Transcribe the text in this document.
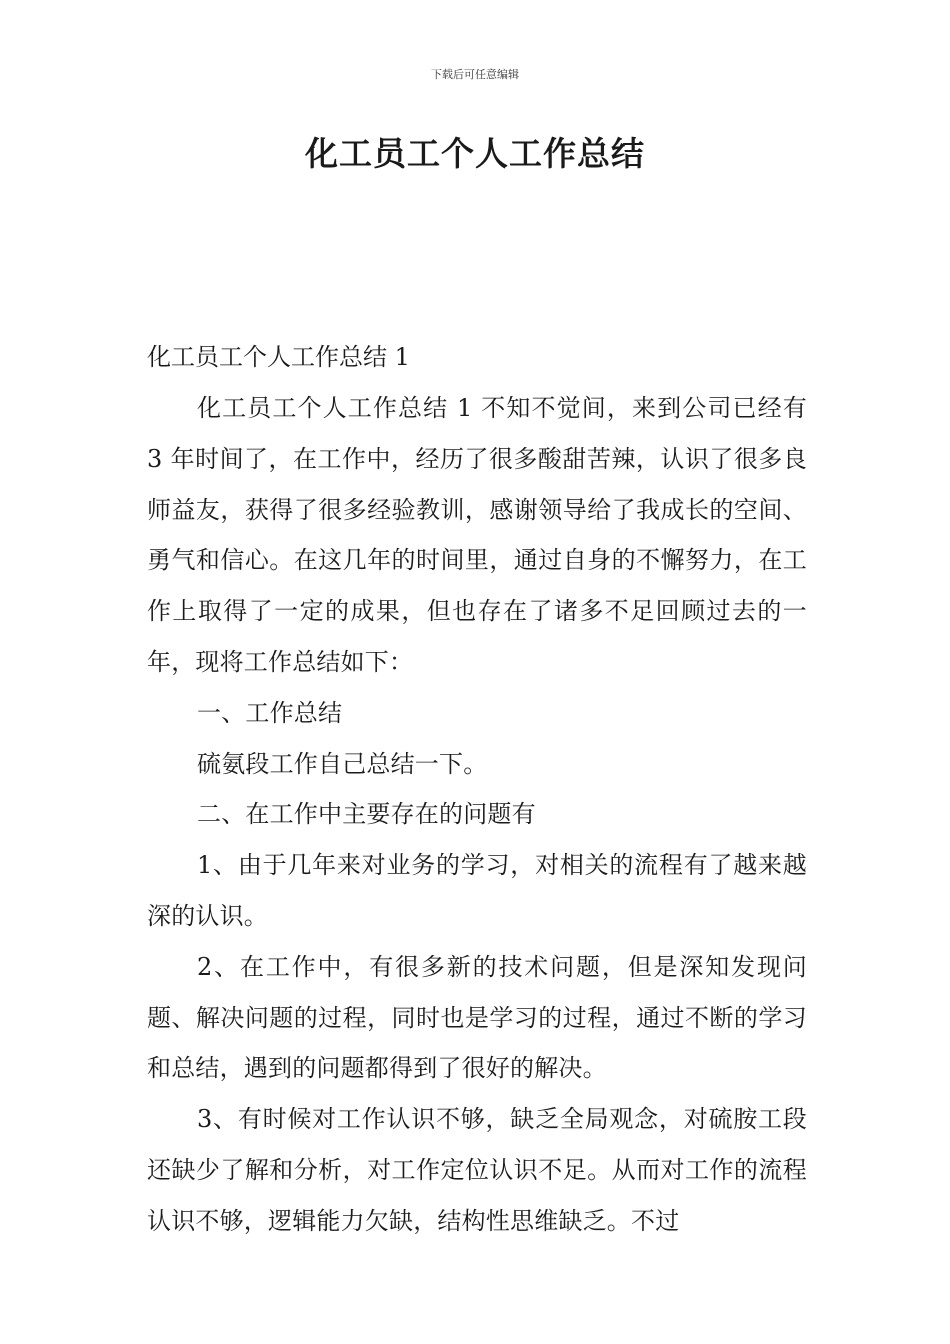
下载后可任意编辑
化工员工个人工作总结

化工员工个人工作总结 1

化工员工个人工作总结 1 不知不觉间，来到公司已经有 3 年时间了，在工作中，经历了很多酸甜苦辣，认识了很多良师益友，获得了很多经验教训，感谢领导给了我成长的空间、勇气和信心。在这几年的时间里，通过自身的不懈努力，在工作上取得了一定的成果，但也存在了诸多不足回顾过去的一年，现将工作总结如下：

一、工作总结

硫氨段工作自己总结一下。

二、在工作中主要存在的问题有

1、由于几年来对业务的学习，对相关的流程有了越来越深的认识。

2、在工作中，有很多新的技术问题，但是深知发现问题、解决问题的过程，同时也是学习的过程，通过不断的学习和总结，遇到的问题都得到了很好的解决。

3、有时候对工作认识不够，缺乏全局观念，对硫胺工段还缺少了解和分析，对工作定位认识不足。从而对工作的流程认识不够，逻辑能力欠缺，结构性思维缺乏。不过
